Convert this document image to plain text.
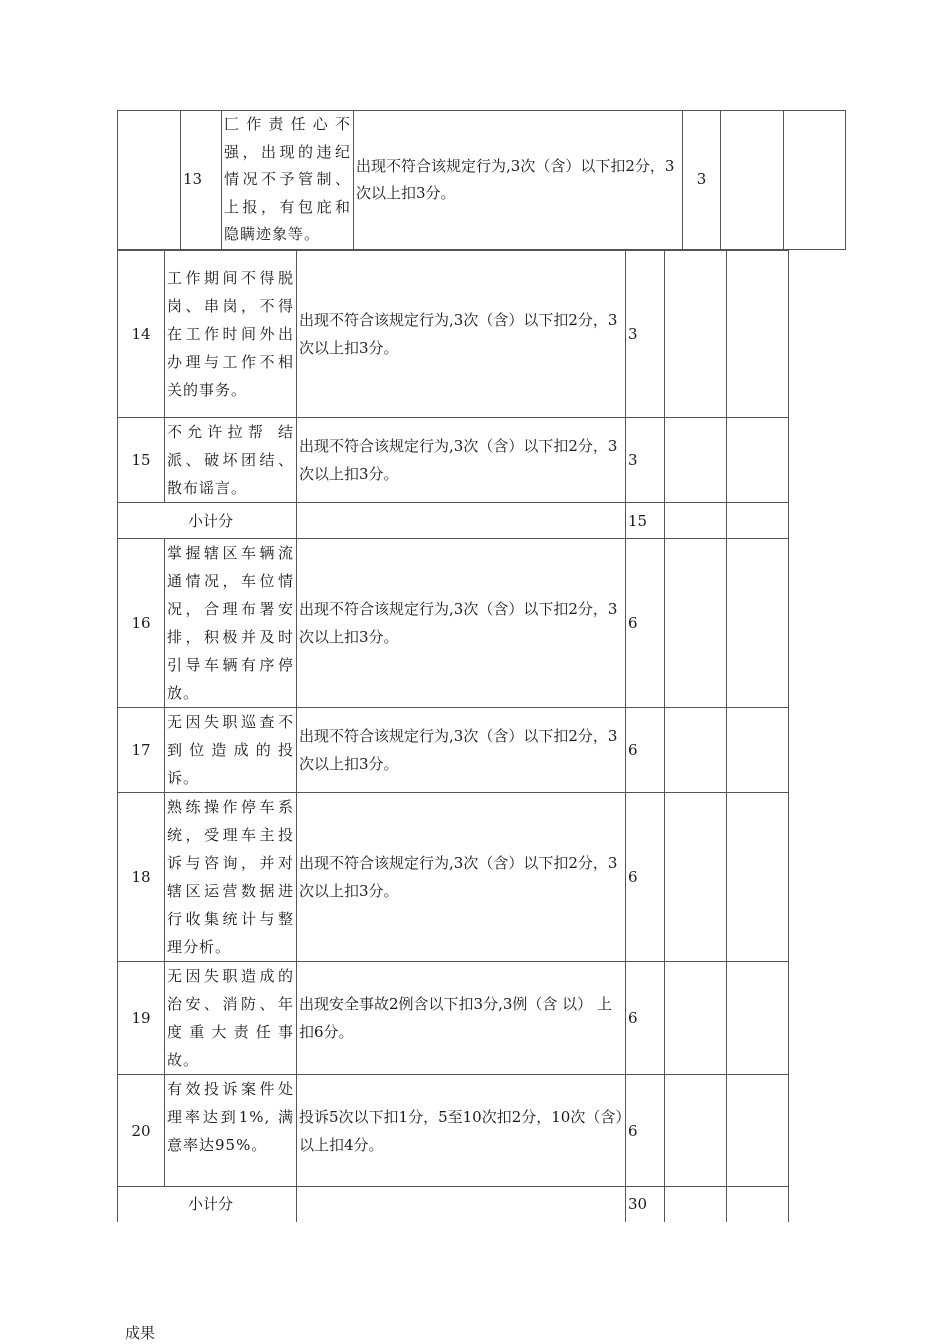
	13	匚作责任心不强，出现的违纪情况不予管制、上报，有包庇和隐瞒迹象等。	出现不符合该规定行为,3次（含）以下扣2分，3次以上扣3分。	3		
14	工作期间不得脱岗、串岗，不得在工作时间外出办理与工作不相关的事务。	出现不符合该规定行为,3次（含）以下扣2分，3次以上扣3分。	3		
15	不允许拉帮 结派、破坏团结、散布谣言。	出现不符合该规定行为,3次（含）以下扣2分，3次以上扣3分。	3		
小计分			15		
16	掌握辖区车辆流通情况，车位情况，合理布署安排，积极并及时引导车辆有序停放。	出现不符合该规定行为,3次（含）以下扣2分，3次以上扣3分。	6		
17	无因失职巡查不到位造成的投诉。	出现不符合该规定行为,3次（含）以下扣2分，3次以上扣3分。	6		
18	熟练操作停车系统，受理车主投诉与咨询，并对辖区运营数据进行收集统计与整理分析。	出现不符合该规定行为,3次（含）以下扣2分，3次以上扣3分。	6		
19	无因失职造成的治安、消防、年度重大责任事故。	出现安全事故2例含以下扣3分,3例（含 以） 上扣6分。	6		
20	有效投诉案件处理率达到1%, 满意率达95%。	投诉5次以下扣1分，5至10次扣2分，10次（含）以上扣4分。	6		
小计分			30		
成果
